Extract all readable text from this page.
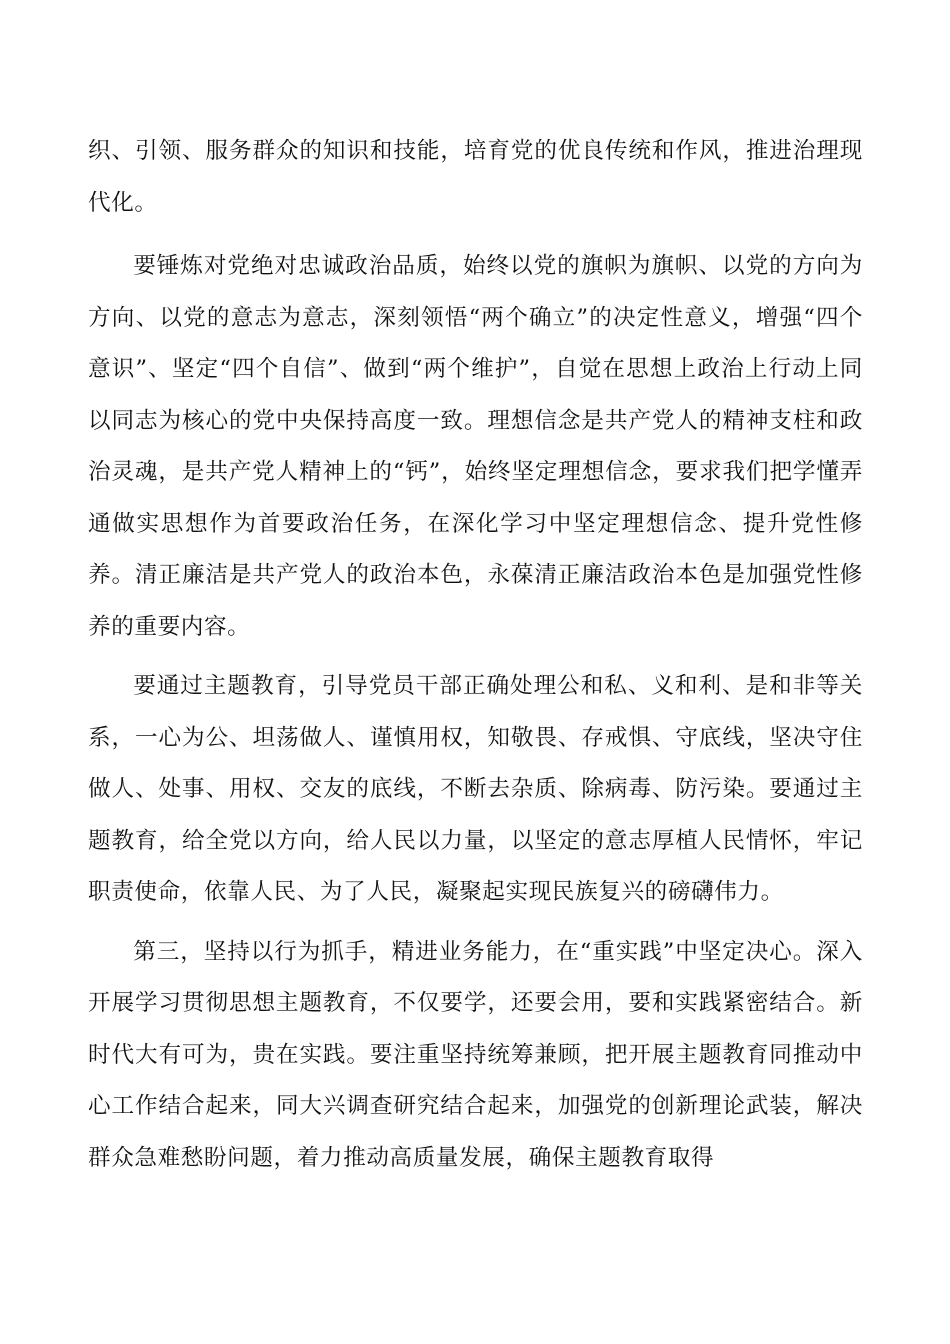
织、引领、服务群众的知识和技能，培育党的优良传统和作风，推进治理现代化。

要锤炼对党绝对忠诚政治品质，始终以党的旗帜为旗帜、以党的方向为方向、以党的意志为意志，深刻领悟“两个确立”的决定性意义，增强“四个意识”、坚定“四个自信”、做到“两个维护”，自觉在思想上政治上行动上同以同志为核心的党中央保持高度一致。理想信念是共产党人的精神支柱和政治灵魂，是共产党人精神上的“钙”，始终坚定理想信念，要求我们把学懂弄通做实思想作为首要政治任务，在深化学习中坚定理想信念、提升党性修养。清正廉洁是共产党人的政治本色，永葆清正廉洁政治本色是加强党性修养的重要内容。

要通过主题教育，引导党员干部正确处理公和私、义和利、是和非等关系，一心为公、坦荡做人、谨慎用权，知敬畏、存戒惧、守底线，坚决守住做人、处事、用权、交友的底线，不断去杂质、除病毒、防污染。要通过主题教育，给全党以方向，给人民以力量，以坚定的意志厚植人民情怀，牢记职责使命，依靠人民、为了人民，凝聚起实现民族复兴的磅礴伟力。

第三，坚持以行为抓手，精进业务能力，在“重实践”中坚定决心。深入开展学习贯彻思想主题教育，不仅要学，还要会用，要和实践紧密结合。新时代大有可为，贵在实践。要注重坚持统筹兼顾，把开展主题教育同推动中心工作结合起来，同大兴调查研究结合起来，加强党的创新理论武装，解决群众急难愁盼问题，着力推动高质量发展，确保主题教育取得
